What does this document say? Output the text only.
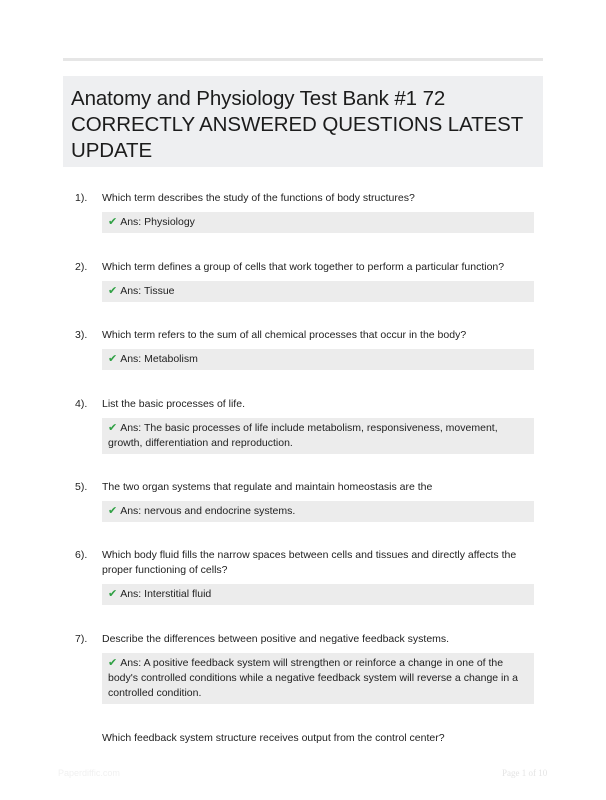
Anatomy and Physiology Test Bank #1 72 CORRECTLY ANSWERED QUESTIONS LATEST UPDATE
1). Which term describes the study of the functions of body structures?
✔ Ans: Physiology
2). Which term defines a group of cells that work together to perform a particular function?
✔ Ans: Tissue
3). Which term refers to the sum of all chemical processes that occur in the body?
✔ Ans: Metabolism
4). List the basic processes of life.
✔ Ans: The basic processes of life include metabolism, responsiveness, movement, growth, differentiation and reproduction.
5). The two organ systems that regulate and maintain homeostasis are the
✔ Ans: nervous and endocrine systems.
6). Which body fluid fills the narrow spaces between cells and tissues and directly affects the proper functioning of cells?
✔ Ans: Interstitial fluid
7). Describe the differences between positive and negative feedback systems.
✔ Ans: A positive feedback system will strengthen or reinforce a change in one of the body's controlled conditions while a negative feedback system will reverse a change in a controlled condition.
Which feedback system structure receives output from the control center?
Paperdiffic.com	Page 1 of 10
